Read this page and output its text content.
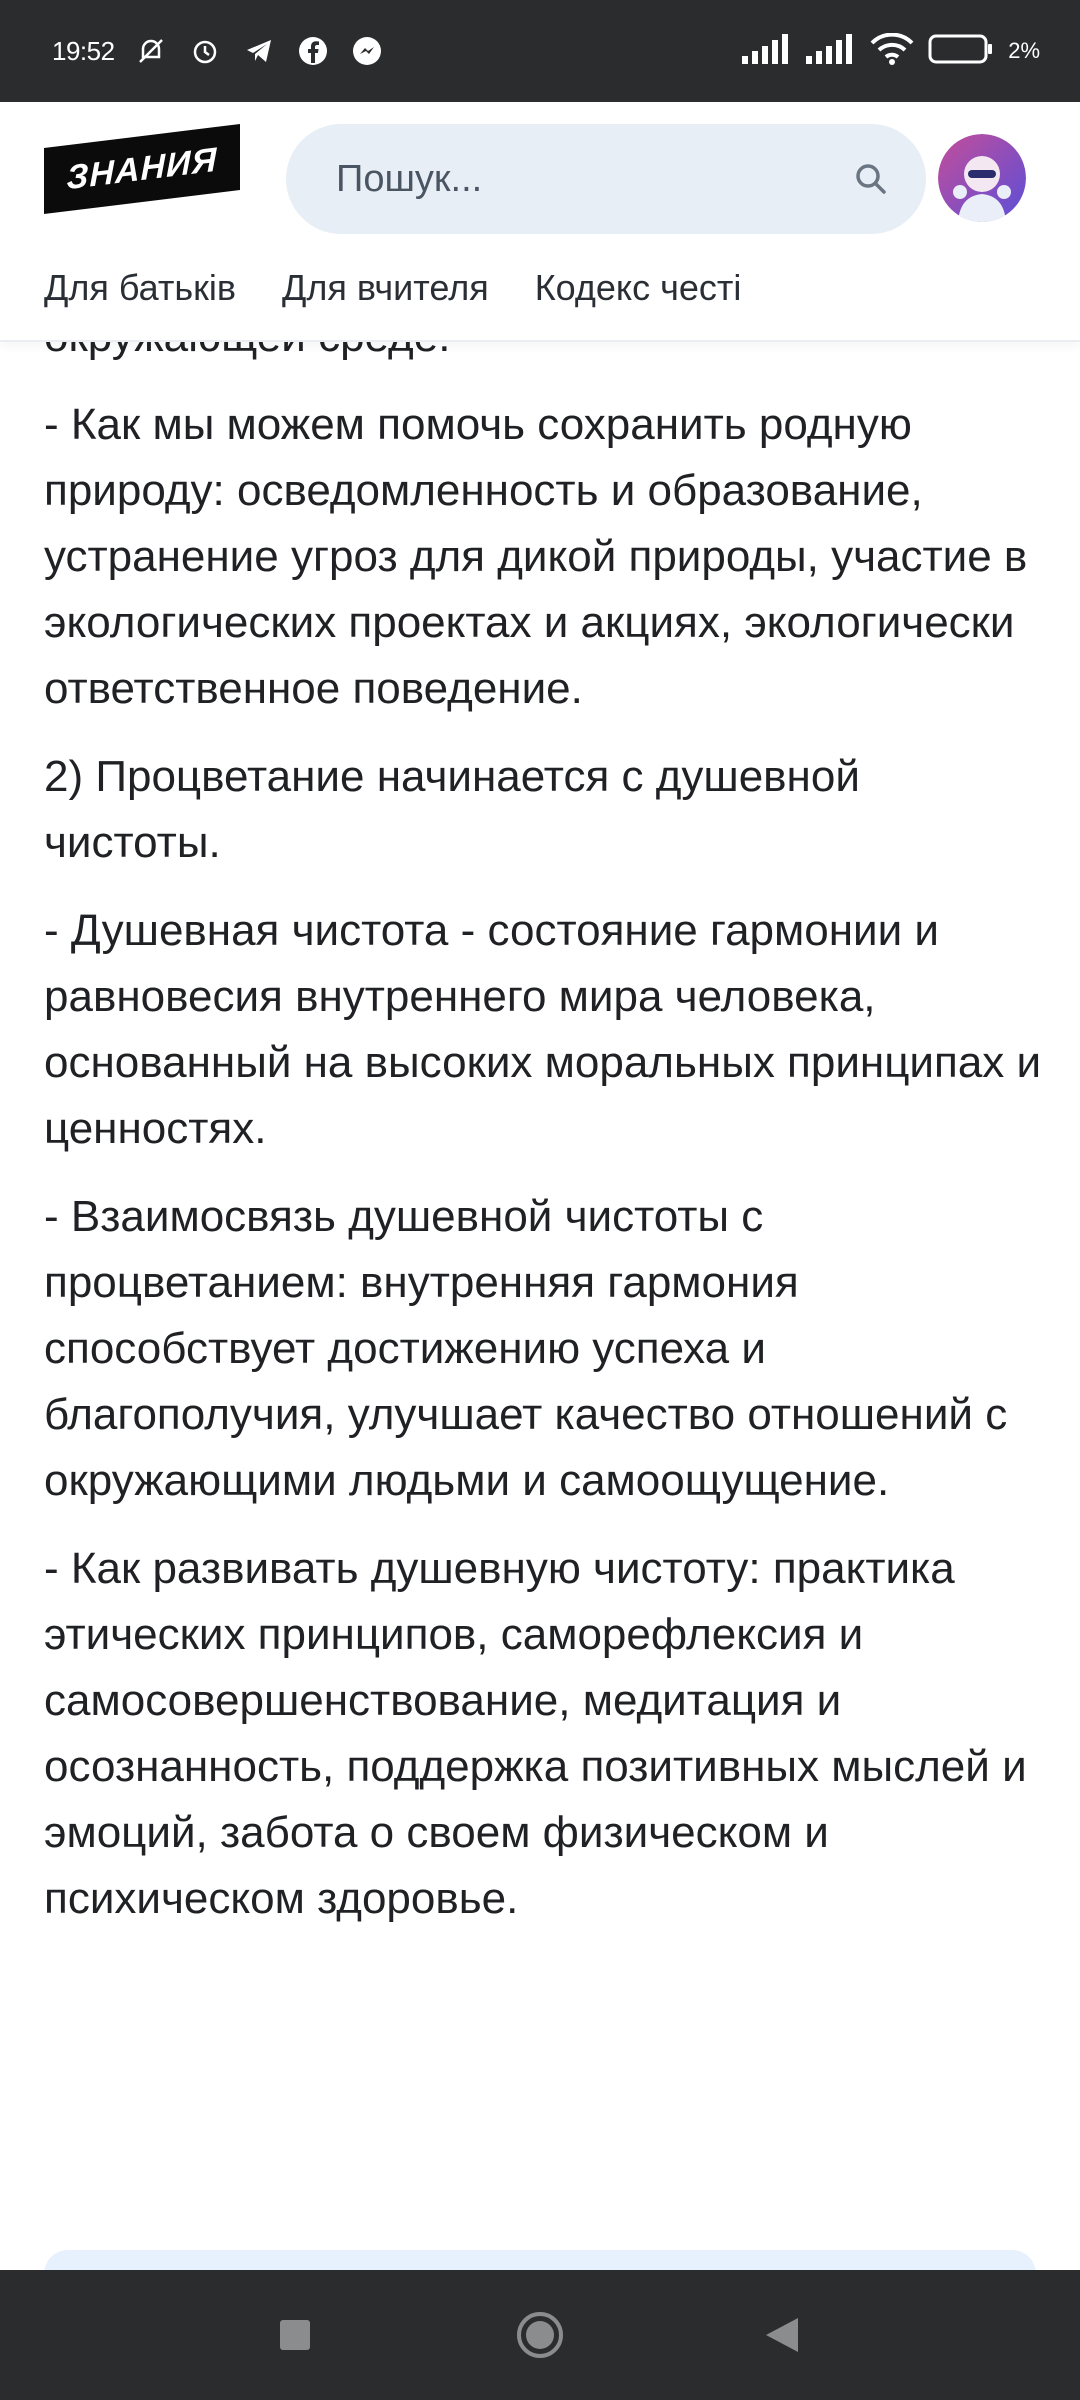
19:52	2%
ЗНАНИЯ	Пошук...
Для батьків Для вчителя Кодекс честі

- Как мы можем помочь сохранить родную природу: осведомленность и образование, устранение угроз для дикой природы, участие в экологических проектах и акциях, экологически ответственное поведение.

2) Процветание начинается с душевной чистоты.

- Душевная чистота - состояние гармонии и равновесия внутреннего мира человека, основанный на высоких моральных принципах и ценностях.

- Взаимосвязь душевной чистоты с процветанием: внутренняя гармония способствует достижению успеха и благополучия, улучшает качество отношений с окружающими людьми и самоощущение.

- Как развивать душевную чистоту: практика этических принципов, саморефлексия и самосовершенствование, медитация и осознанность, поддержка позитивных мыслей и эмоций, забота о своем физическом и психическом здоровье.
